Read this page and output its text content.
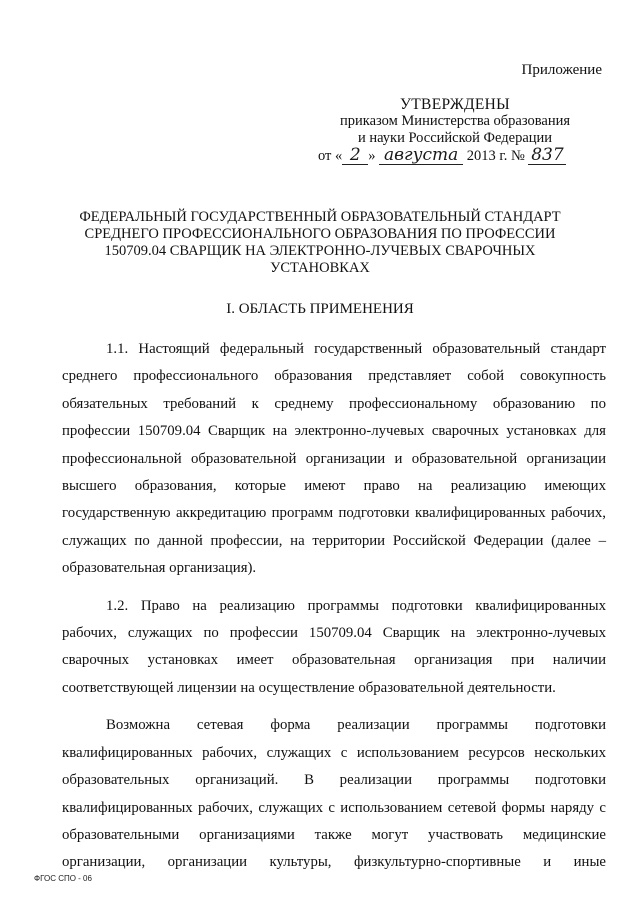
Приложение
УТВЕРЖДЕНЫ
приказом Министерства образования
и науки Российской Федерации
от « 2 » августа 2013 г. № 837
ФЕДЕРАЛЬНЫЙ ГОСУДАРСТВЕННЫЙ ОБРАЗОВАТЕЛЬНЫЙ СТАНДАРТ
СРЕДНЕГО ПРОФЕССИОНАЛЬНОГО ОБРАЗОВАНИЯ ПО ПРОФЕССИИ
150709.04 СВАРЩИК НА ЭЛЕКТРОННО-ЛУЧЕВЫХ СВАРОЧНЫХ
УСТАНОВКАХ
I. ОБЛАСТЬ ПРИМЕНЕНИЯ

1.1. Настоящий федеральный государственный образовательный стандарт среднего профессионального образования представляет собой совокупность обязательных требований к среднему профессиональному образованию по профессии 150709.04 Сварщик на электронно-лучевых сварочных установках для профессиональной образовательной организации и образовательной организации высшего образования, которые имеют право на реализацию имеющих государственную аккредитацию программ подготовки квалифицированных рабочих, служащих по данной профессии, на территории Российской Федерации (далее – образовательная организация).

1.2. Право на реализацию программы подготовки квалифицированных рабочих, служащих по профессии 150709.04 Сварщик на электронно-лучевых сварочных установках имеет образовательная организация при наличии соответствующей лицензии на осуществление образовательной деятельности.

Возможна сетевая форма реализации программы подготовки квалифицированных рабочих, служащих с использованием ресурсов нескольких образовательных организаций. В реализации программы подготовки квалифицированных рабочих, служащих с использованием сетевой формы наряду с образовательными организациями также могут участвовать медицинские организации, организации культуры, физкультурно-спортивные и иные

ФГОС СПО - 06
